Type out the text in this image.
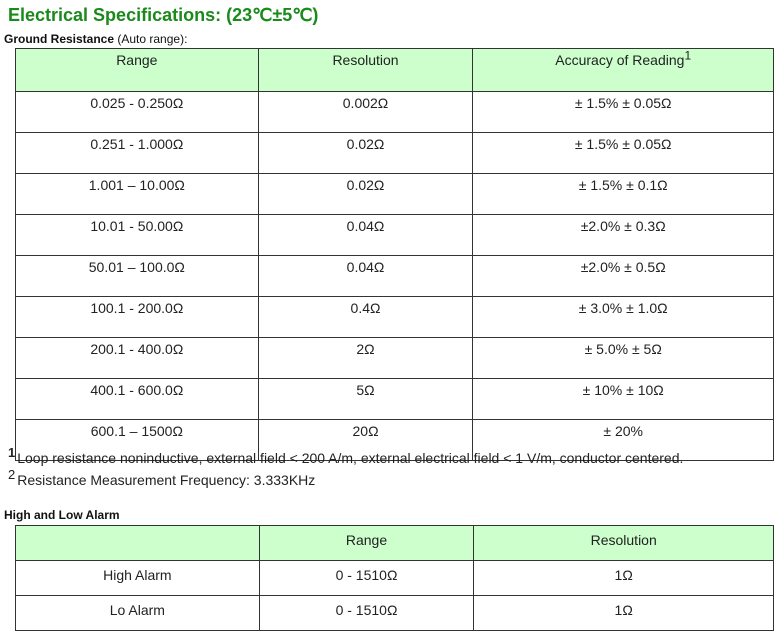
Electrical Specifications: (23℃±5℃)
Ground Resistance (Auto range):
Range	Resolution	Accuracy of Reading1
0.025 - 0.250Ω	0.002Ω	± 1.5% ± 0.05Ω
0.251 - 1.000Ω	0.02Ω	± 1.5% ± 0.05Ω
1.001 – 10.00Ω	0.02Ω	± 1.5% ± 0.1Ω
10.01 - 50.00Ω	0.04Ω	±2.0% ± 0.3Ω
50.01 – 100.0Ω	0.04Ω	±2.0% ± 0.5Ω
100.1 - 200.0Ω	0.4Ω	± 3.0% ± 1.0Ω
200.1 - 400.0Ω	2Ω	± 5.0% ± 5Ω
400.1 - 600.0Ω	5Ω	± 10% ± 10Ω
600.1 – 1500Ω	20Ω	± 20%
1 Loop resistance noninductive, external field < 200 A/m, external electrical field < 1 V/m, conductor centered.
2 Resistance Measurement Frequency: 3.333KHz
High and Low Alarm
	Range	Resolution
High Alarm	0 - 1510Ω	1Ω
Lo Alarm	0 - 1510Ω	1Ω
